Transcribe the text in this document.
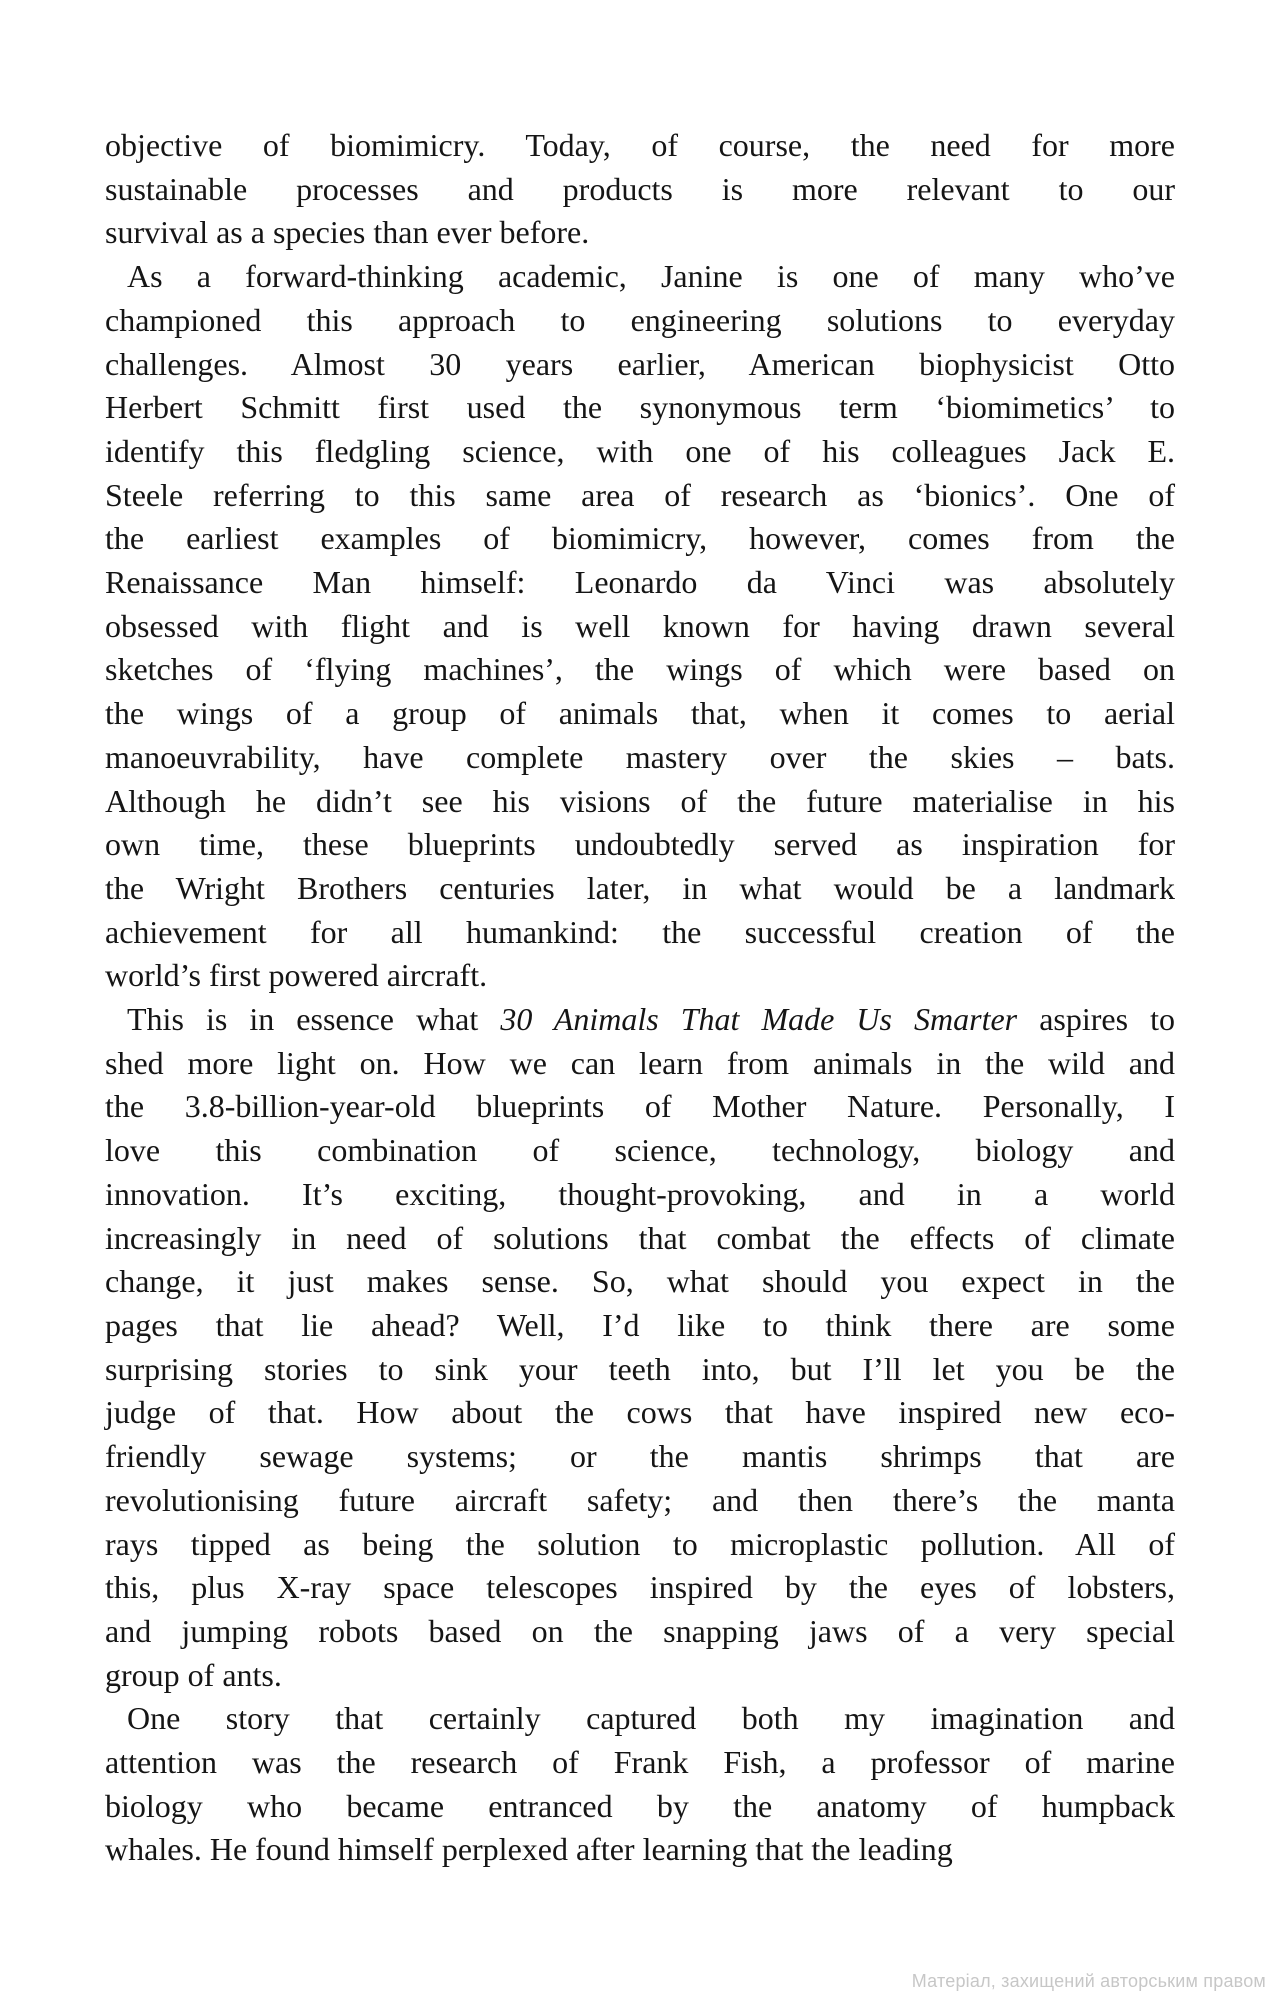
objective of biomimicry. Today, of course, the need for more
sustainable processes and products is more relevant to our
survival as a species than ever before.
As a forward-thinking academic, Janine is one of many who’ve
championed this approach to engineering solutions to everyday
challenges. Almost 30 years earlier, American biophysicist Otto
Herbert Schmitt first used the synonymous term ‘biomimetics’ to
identify this fledgling science, with one of his colleagues Jack E.
Steele referring to this same area of research as ‘bionics’. One of
the earliest examples of biomimicry, however, comes from the
Renaissance Man himself: Leonardo da Vinci was absolutely
obsessed with flight and is well known for having drawn several
sketches of ‘flying machines’, the wings of which were based on
the wings of a group of animals that, when it comes to aerial
manoeuvrability, have complete mastery over the skies – bats.
Although he didn’t see his visions of the future materialise in his
own time, these blueprints undoubtedly served as inspiration for
the Wright Brothers centuries later, in what would be a landmark
achievement for all humankind: the successful creation of the
world’s first powered aircraft.
This is in essence what 30 Animals That Made Us Smarter aspires to
shed more light on. How we can learn from animals in the wild and
the 3.8-billion-year-old blueprints of Mother Nature. Personally, I
love this combination of science, technology, biology and
innovation. It’s exciting, thought-provoking, and in a world
increasingly in need of solutions that combat the effects of climate
change, it just makes sense. So, what should you expect in the
pages that lie ahead? Well, I’d like to think there are some
surprising stories to sink your teeth into, but I’ll let you be the
judge of that. How about the cows that have inspired new eco-
friendly sewage systems; or the mantis shrimps that are
revolutionising future aircraft safety; and then there’s the manta
rays tipped as being the solution to microplastic pollution. All of
this, plus X-ray space telescopes inspired by the eyes of lobsters,
and jumping robots based on the snapping jaws of a very special
group of ants.
One story that certainly captured both my imagination and
attention was the research of Frank Fish, a professor of marine
biology who became entranced by the anatomy of humpback
whales. He found himself perplexed after learning that the leading
Матеріал, захищений авторським правом
